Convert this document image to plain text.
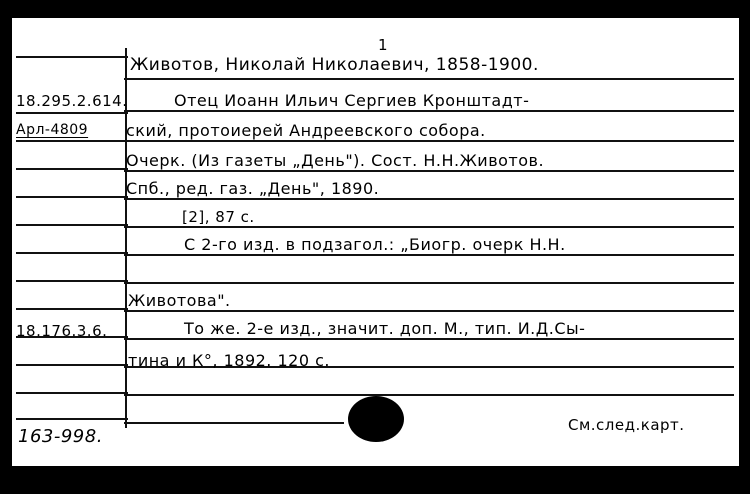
1
Животов, Николай Николаевич, 1858-1900.
18.295.2.614.
Арл-4809
18.176.3.6.
Отец Иоанн Ильич Сергиев Кронштадт-
ский, протоиерей Андреевского собора.
Очерк. (Из газеты „День"). Сост. Н.Н.Животов.
Спб., ред. газ. „День", 1890.
[2], 87 с.
С 2-го изд. в подзагол.: „Биогр. очерк Н.Н.
Животова".
То же. 2-е изд., значит. доп. М., тип. И.Д.Сы-
тина и К°, 1892. 120 с.
163-998.
См.след.карт.
